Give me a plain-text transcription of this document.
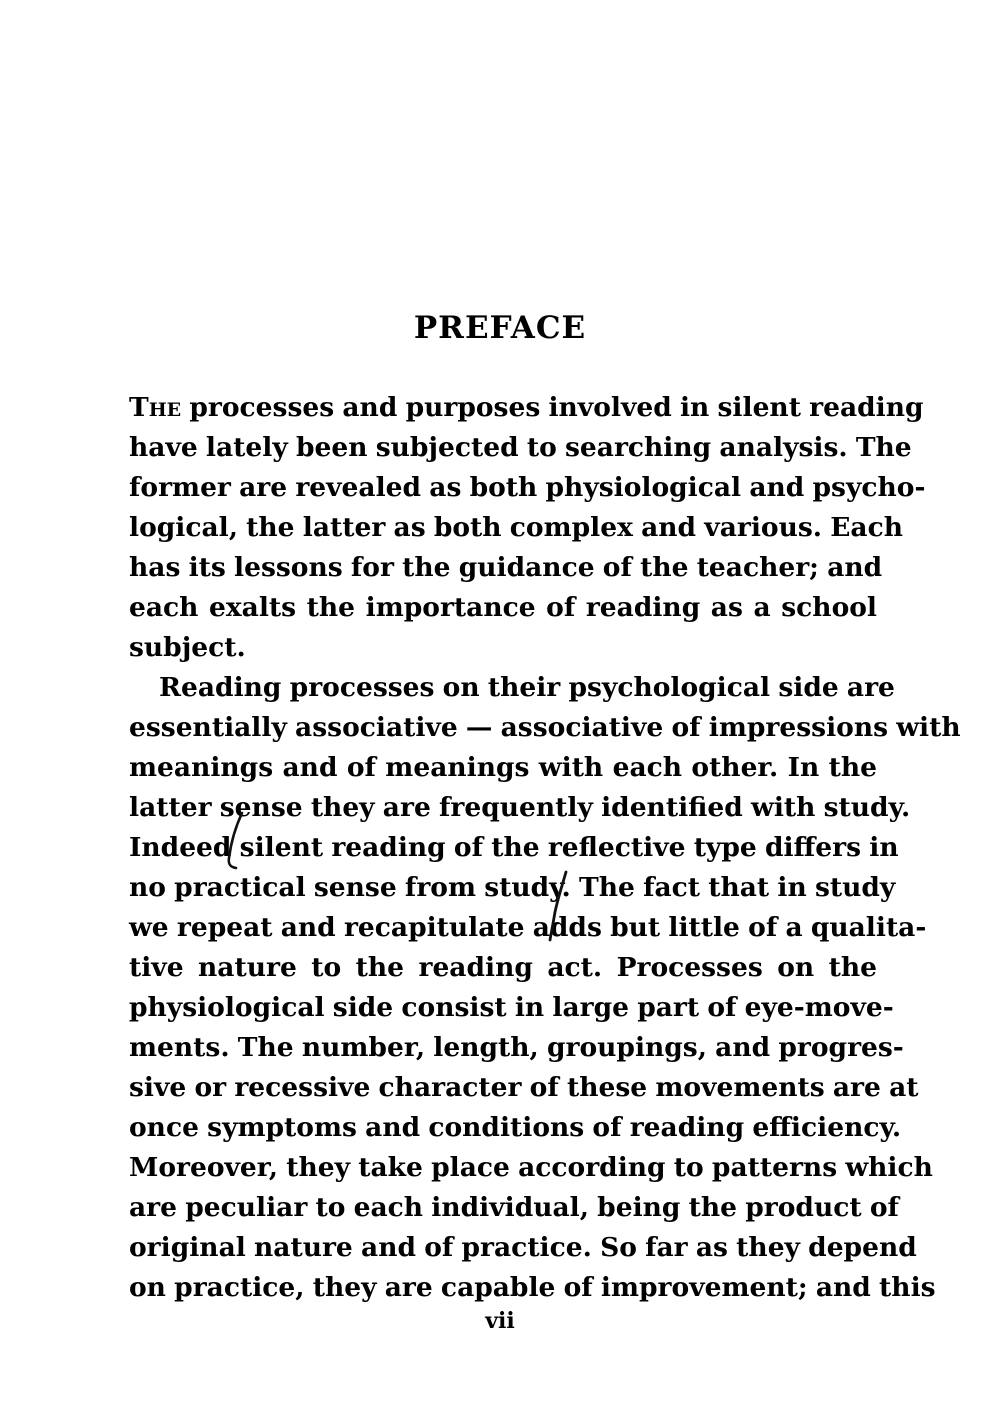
PREFACE
The processes and purposes involved in silent reading
have lately been subjected to searching analysis. The
former are revealed as both physiological and psycho-
logical, the latter as both complex and various. Each
has its lessons for the guidance of the teacher; and
each exalts the importance of reading as a school
subject.
Reading processes on their psychological side are
essentially associative — associative of impressions with
meanings and of meanings with each other. In the
latter sense they are frequently identified with study.
Indeed silent reading of the reflective type differs in
no practical sense from study. The fact that in study
we repeat and recapitulate adds but little of a qualita-
tive nature to the reading act. Processes on the
physiological side consist in large part of eye-move-
ments. The number, length, groupings, and progres-
sive or recessive character of these movements are at
once symptoms and conditions of reading efficiency.
Moreover, they take place according to patterns which
are peculiar to each individual, being the product of
original nature and of practice. So far as they depend
on practice, they are capable of improvement; and this
vii
